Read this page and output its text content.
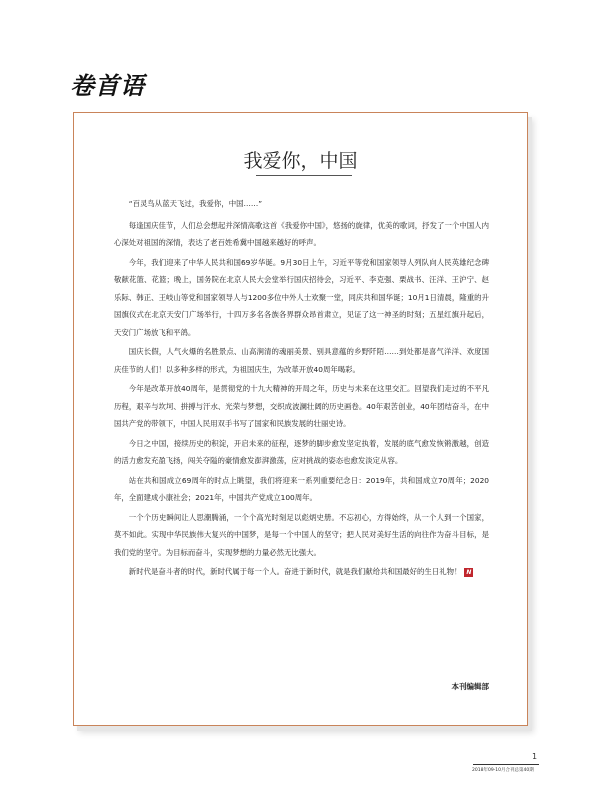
卷首语
我爱你，中国

“百灵鸟从蓝天飞过，我爱你，中国……”

每逢国庆佳节，人们总会想起并深情高歌这首《我爱你中国》，悠扬的旋律，优美的歌词，抒发了一个中国人内心深处对祖国的深情，表达了老百姓希冀中国越来越好的呼声。

今年，我们迎来了中华人民共和国69岁华诞。9月30日上午，习近平等党和国家领导人列队向人民英雄纪念碑敬献花篮、花篮；晚上，国务院在北京人民大会堂举行国庆招待会，习近平、李克强、栗战书、汪洋、王沪宁、赵乐际、韩正、王岐山等党和国家领导人与1200多位中外人士欢聚一堂，同庆共和国华诞；10月1日清晨，隆重的升国旗仪式在北京天安门广场举行，十四万多名各族各界群众昂首肃立，见证了这一神圣的时刻；五星红旗升起后，天安门广场放飞和平鸽。

国庆长假，人气火爆的名胜景点、山高涧清的魂丽美景、别具意蕴的乡野阡陌……到处都是喜气洋洋、欢度国庆佳节的人们！以多种多样的形式，为祖国庆生，为改革开放40周年喝彩。

今年是改革开放40周年，是贯彻党的十九大精神的开局之年，历史与未来在这里交汇。回望我们走过的不平凡历程，艰辛与坎坷、拼搏与汗水、光荣与梦想，交织成波澜壮阔的历史画卷。40年艰苦创业，40年团结奋斗，在中国共产党的带领下，中国人民用双手书写了国家和民族发展的壮丽史诗。

今日之中国，接续历史的积淀，开启未来的征程，逐梦的脚步愈发坚定执着，发展的底气愈发恢锵激越，创造的活力愈发充盈飞扬，闯关夺隘的豪情愈发澎湃激荡，应对挑战的姿态也愈发淡定从容。

站在共和国成立69周年的时点上眺望，我们将迎来一系列重要纪念日：2019年，共和国成立70周年；2020年，全面建成小康社会；2021年，中国共产党成立100周年。

一个个历史瞬间让人思潮腾涌，一个个高光时刻足以彪炳史册。不忘初心，方得始终，从一个人到一个国家，莫不如此。实现中华民族伟大复兴的中国梦，是每一个中国人的坚守；把人民对美好生活的向往作为奋斗目标，是我们党的坚守。为目标而奋斗，实现梦想的力量必然无比强大。

新时代是奋斗者的时代，新时代属于每一个人。奋进于新时代，就是我们献给共和国最好的生日礼物！ N

本刊编辑部
1
2018年09-10月合刊总第40期
